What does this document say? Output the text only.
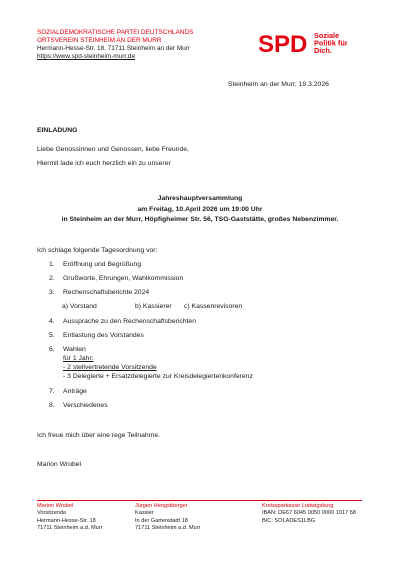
SOZIALDEMOKRATISCHE PARTEI DEUTSCHLANDS
ORTSVEREIN STEINHEIM AN DER MURR
Hermann-Hesse-Str. 18, 71711 Steinheim an der Murr
https://www.spd-steinheim-murr.de	SPD Soziale
Politik für
Dich.
Steinheim an der Murr, 19.3.2026
EINLADUNG
Liebe Genossinnen und Genossen, liebe Freunde,
Hiermit lade ich euch herzlich ein zu unserer
Jahreshauptversammlung
am Freitag, 10.April 2026 um 19:00 Uhr
in Steinheim an der Murr, Höpfigheimer Str. 56, TSG-Gaststätte, großes Nebenzimmer.
Ich schlage folgende Tagesordnung vor:
1. Eröffnung und Begrüßung
2. Grußworte, Ehrungen, Wahlkommission
3. Rechenschaftsberichte 2024
a) Vorstand	b) Kassierer c) Kassenrevisoren
4. Aussprache zu den Rechenschaftsberichten
5. Entlastung des Vorstandes
6. Wahlen
für 1 Jahr:
- 2 stellvertretende Vorsitzende
- 3 Delegierte + Ersatzdelegierte zur Kreisdelegiertenkonferenz
7. Anträge
8. Verschiedenes
Ich freue mich über eine rege Teilnahme.
Marion Wrobel
Marion Wrobel
Vorsitzende
Hermann-Hesse-Str. 18
71711 Steinheim a.d. Murr
Jürgen Hengstberger
Kassier
In der Gartenstadt 18
71711 Steinheim a.d. Murr
Kreissparkasse Ludwigsburg
IBAN: DE67 6045 0050 0000 1017 58
BIC: SOLADES1LBG
